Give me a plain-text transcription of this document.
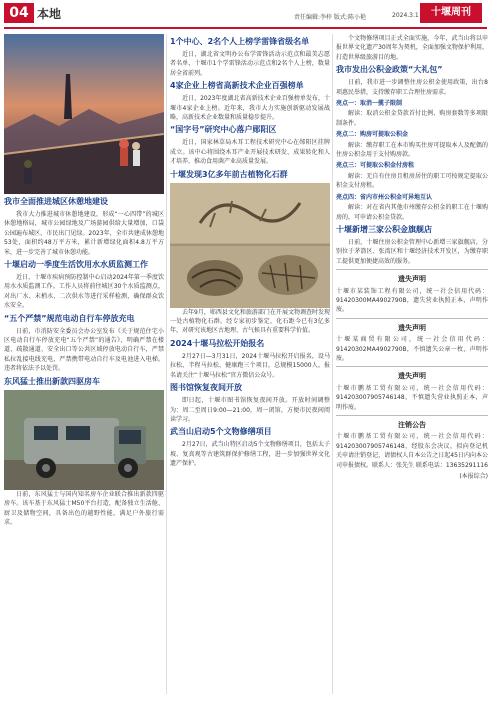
04 本地	责任编辑:李梓 版式:陈小艳	2024.3.1	十堰周刊
我市全面推进城区休憩地建设

我市大力推进城市休憩地建设，形成“一心四带”的城区休憩地格局，城市公园绿地及广场游园供给大量增加，口袋公园遍布城区，市民出门见绿。2023年，全市共建成休憩地53处，面积约48万平方米，累计新增绿化面积4.8万平方米，进一步完善了城市休憩功能。

十堰启动一季度生活饮用水水质监测工作

近日，十堰市疾病预防控制中心启动2024年第一季度饮用水水质监测工作。工作人员将前往城区30个水质监测点，对出厂水、末梢水、二次供水等进行采样检测，确保群众饮水安全。

“五个严禁”规范电动自行车停放充电

日前，市消防安全委员会办公室发布《关于规范住宅小区电动自行车停放充电“五个严禁”的通告》，明确严禁在楼道、疏散通道、安全出口等公共区域停放电动自行车，严禁私拉乱接电线充电，严禁携带电动自行车及电池进入电梯。违者将依法予以处罚。

东风猛士推出新款四驱房车

日前，东风猛士与国内知名房车企业联合推出新款四驱房车。该车基于东风猛士M50平台打造，配备独立生活舱、厨卫及储物空间，具备出色的越野性能，满足户外旅行需求。

1个中心、2名个人上榜学雷锋省级名单

近日，湖北省文明办公布学雷锋活动示范点和最美志愿者名单，十堰市1个学雷锋活动示范点和2名个人上榜，数量居全省前列。

4家企业上榜省高新技术企业百强榜单

近日，2023年度湖北省高新技术企业百强榜单发布，十堰市4家企业上榜。近年来，我市大力实施创新驱动发展战略，高新技术企业数量和质量稳步提升。

“国字号”研究中心落户郧阳区

近日，国家林草局木耳工程技术研究中心在郧阳区挂牌成立。该中心将围绕木耳产业开展技术研发、成果转化和人才培养，推动食用菌产业高质量发展。

十堰发现3亿多年前古植物化石群

去年9月，郧西县文化和旅游部门在开展文物调查时发现一处古植物化石群。经专家初步鉴定，化石距今已有3亿多年，对研究该地区古地理、古气候具有重要科学价值。

2024十堰马拉松开始报名

2月27日—3月31日，2024十堰马拉松开启报名，设马拉松、半程马拉松、健康跑三个项目，总规模15000人。报名请关注“十堰马拉松”官方微信公众号。

图书馆恢复夜间开放

即日起，十堰市图书馆恢复夜间开放。开放时间调整为：周二至周日9:00—21:00，周一闭馆，方便市民夜间阅读学习。

武当山启动5个文物修缮项目

2月27日，武当山特区启动5个文物修缮项目，包括太子坡、复真观等古建筑群保护修缮工程，进一步加强世界文化遗产保护。

个文物修缮项目正式全面实施，今年，武当山将以申报世界文化遗产30周年为契机，全面加强文物保护利用，打造世界级旅游目的地。

我市发出公积金政策“大礼包”

日前，我市进一步调整住房公积金使用政策，出台8项惠民举措，支持缴存职工合理住房需求。

亮点一：取消一揽子限制

解读：取消公积金贷款首付比例、购房套数等多项限制条件。

亮点二：购房可提取公积金

解读：缴存职工在本市购买住房可提取本人及配偶的住房公积金用于支付购房款。

亮点三：可提取公积金付房租

解读：无自有住房且租房居住的职工可按规定提取公积金支付房租。

亮点四：省内市州公积金可异地互认

解读：对在省内其他市州缴存公积金的职工在十堰购房的，可申请公积金贷款。

十堰新增三家公积金旗舰店

日前，十堰住房公积金管理中心新增三家旗舰店，分别位于茅箭区、张湾区和十堰经济技术开发区，为缴存职工提供更加便捷高效的服务。

遗失声明

十堰市某装饰工程有限公司，统一社会信用代码：91420300MA4902790B，遗失营业执照正本，声明作废。

遗失声明

十堰某商贸有限公司，统一社会信用代码：91420302MA4902790B，不慎遗失公章一枚，声明作废。

遗失声明

十堰市鹏基工贸有限公司，统一社会信用代码：914203007905746148，不慎遗失营业执照正本，声明作废。

注销公告

十堰市鹏基工贸有限公司，统一社会信用代码：914203007905746148，经股东会决议，拟向登记机关申请注销登记，请债权人自本公告之日起45日内向本公司申报债权。联系人：张先生 联系电话：13635291116

(本报综合)
